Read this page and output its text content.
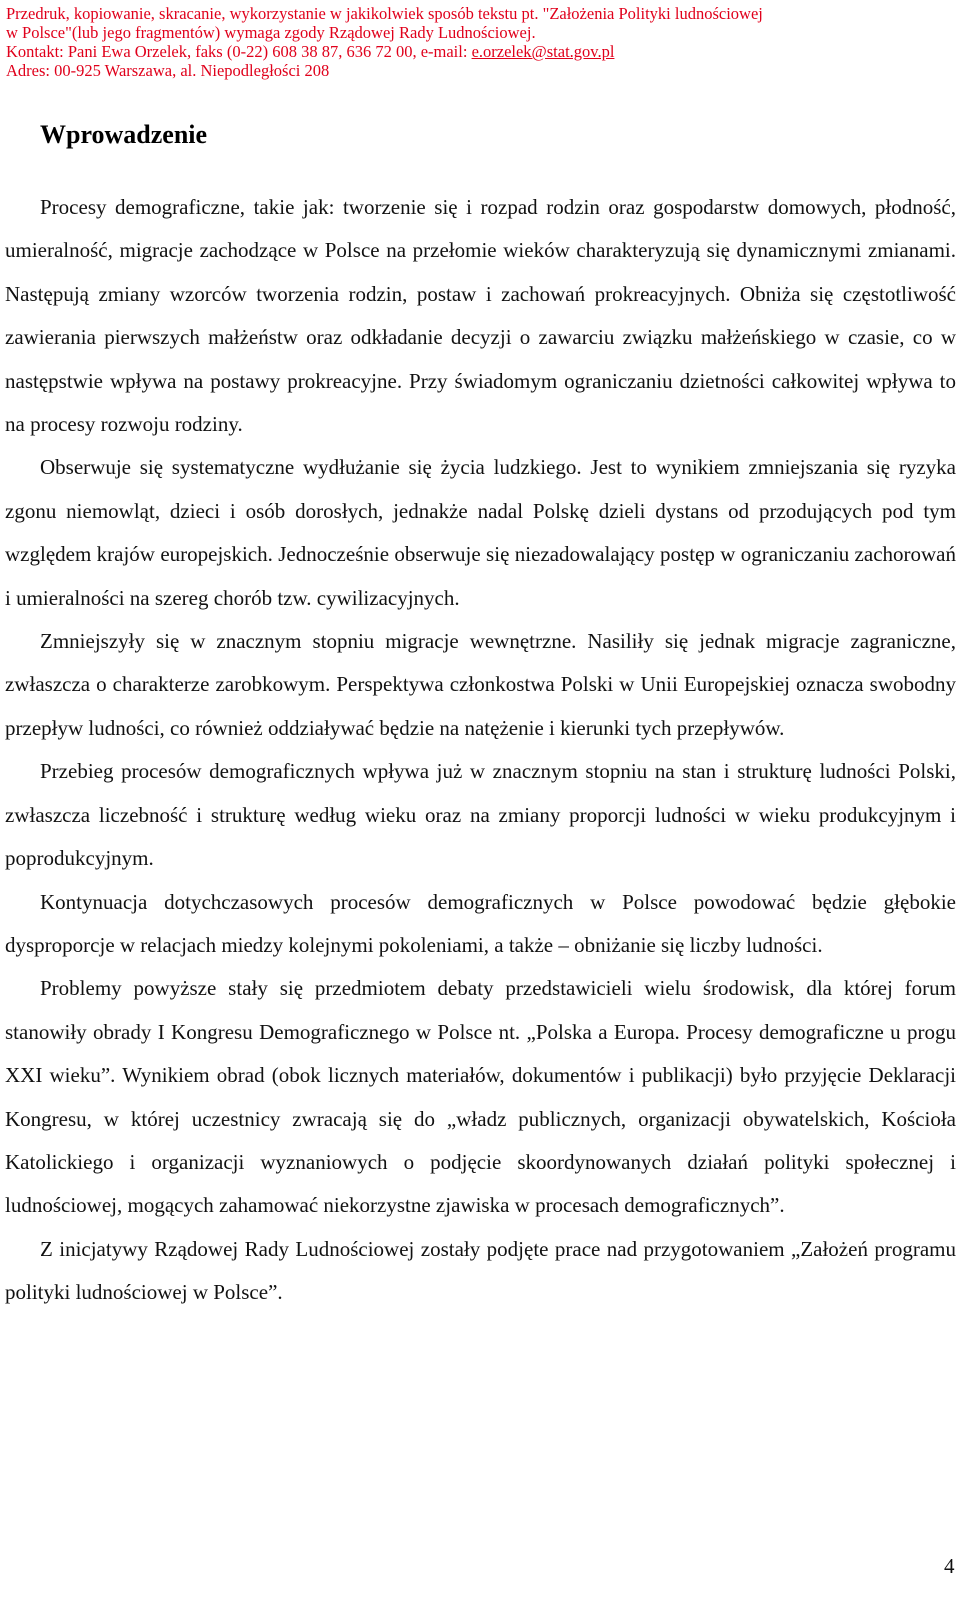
Przedruk, kopiowanie, skracanie, wykorzystanie w jakikolwiek sposób tekstu pt. "Założenia Polityki ludnościowej
w Polsce"(lub jego fragmentów) wymaga zgody Rządowej Rady Ludnościowej.
Kontakt: Pani Ewa Orzelek, faks (0-22) 608 38 87, 636 72 00, e-mail: e.orzelek@stat.gov.pl
Adres: 00-925 Warszawa, al. Niepodległości 208
Wprowadzenie

Procesy demograficzne, takie jak: tworzenie się i rozpad rodzin oraz gospodarstw domowych, płodność, umieralność, migracje zachodzące w Polsce na przełomie wieków charakteryzują się dynamicznymi zmianami. Następują zmiany wzorców tworzenia rodzin, postaw i zachowań prokreacyjnych. Obniża się częstotliwość zawierania pierwszych małżeństw oraz odkładanie decyzji o zawarciu związku małżeńskiego w czasie, co w następstwie wpływa na postawy prokreacyjne. Przy świadomym ograniczaniu dzietności całkowitej wpływa to na procesy rozwoju rodziny.

Obserwuje się systematyczne wydłużanie się życia ludzkiego. Jest to wynikiem zmniejszania się ryzyka zgonu niemowląt, dzieci i osób dorosłych, jednakże nadal Polskę dzieli dystans od przodujących pod tym względem krajów europejskich. Jednocześnie obserwuje się niezadowalający postęp w ograniczaniu zachorowań i umieralności na szereg chorób tzw. cywilizacyjnych.

Zmniejszyły się w znacznym stopniu migracje wewnętrzne. Nasiliły się jednak migracje zagraniczne, zwłaszcza o charakterze zarobkowym. Perspektywa członkostwa Polski w Unii Europejskiej oznacza swobodny przepływ ludności, co również oddziaływać będzie na natężenie i kierunki tych przepływów.

Przebieg procesów demograficznych wpływa już w znacznym stopniu na stan i strukturę ludności Polski, zwłaszcza liczebność i strukturę według wieku oraz na zmiany proporcji ludności w wieku produkcyjnym i poprodukcyjnym.

Kontynuacja dotychczasowych procesów demograficznych w Polsce powodować będzie głębokie dysproporcje w relacjach miedzy kolejnymi pokoleniami, a także – obniżanie się liczby ludności.

Problemy powyższe stały się przedmiotem debaty przedstawicieli wielu środowisk, dla której forum stanowiły obrady I Kongresu Demograficznego w Polsce nt. „Polska a Europa. Procesy demograficzne u progu XXI wieku”. Wynikiem obrad (obok licznych materiałów, dokumentów i publikacji) było przyjęcie Deklaracji Kongresu, w której uczestnicy zwracają się do „władz publicznych, organizacji obywatelskich, Kościoła Katolickiego i organizacji wyznaniowych o podjęcie skoordynowanych działań polityki społecznej i ludnościowej, mogących zahamować niekorzystne zjawiska w procesach demograficznych”.

Z inicjatywy Rządowej Rady Ludnościowej zostały podjęte prace nad przygotowaniem „Założeń programu polityki ludnościowej w Polsce”.

4
